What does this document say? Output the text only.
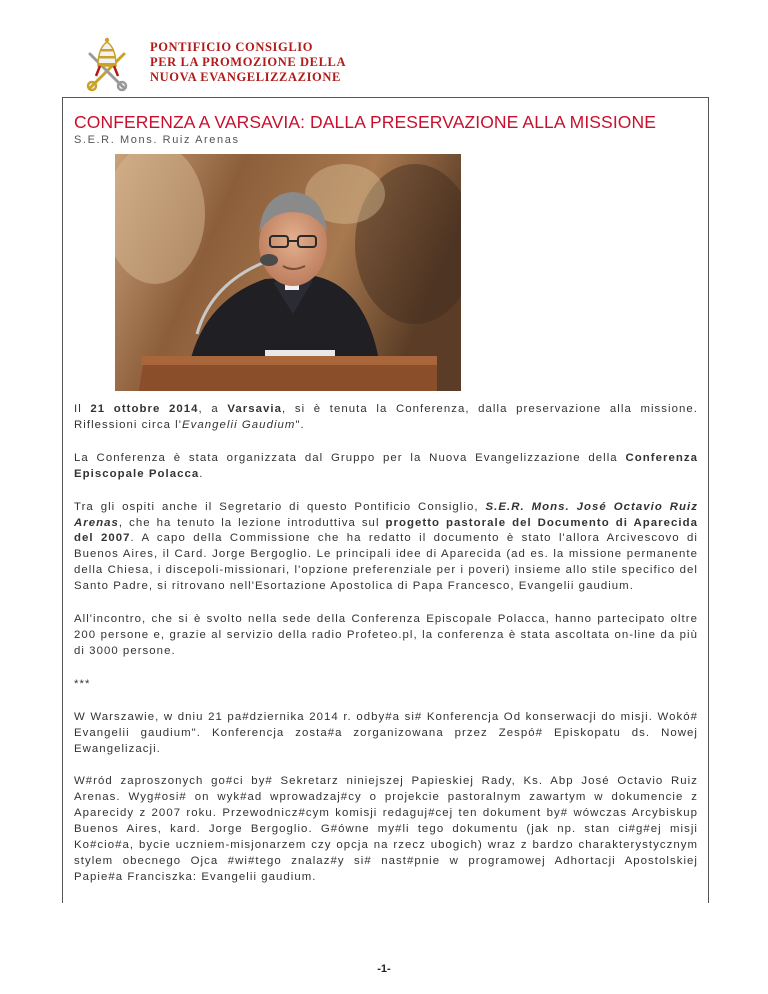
PONTIFICIO CONSIGLIO
PER LA PROMOZIONE DELLA
NUOVA EVANGELIZZAZIONE
CONFERENZA A VARSAVIA: DALLA PRESERVAZIONE ALLA MISSIONE
S.E.R. Mons. Ruiz Arenas

Il 21 ottobre 2014, a Varsavia, si è tenuta la Conferenza, dalla preservazione alla missione. Riflessioni circa l'Evangelii Gaudium".

La Conferenza è stata organizzata dal Gruppo per la Nuova Evangelizzazione della Conferenza Episcopale Polacca.

Tra gli ospiti anche il Segretario di questo Pontificio Consiglio, S.E.R. Mons. José Octavio Ruiz Arenas, che ha tenuto la lezione introduttiva sul progetto pastorale del Documento di Aparecida del 2007. A capo della Commissione che ha redatto il documento è stato l'allora Arcivescovo di Buenos Aires, il Card. Jorge Bergoglio. Le principali idee di Aparecida (ad es. la missione permanente della Chiesa, i discepoli-missionari, l'opzione preferenziale per i poveri) insieme allo stile specifico del Santo Padre, si ritrovano nell'Esortazione Apostolica di Papa Francesco, Evangelii gaudium.

All'incontro, che si è svolto nella sede della Conferenza Episcopale Polacca, hanno partecipato oltre 200 persone e, grazie al servizio della radio Profeteo.pl, la conferenza è stata ascoltata on-line da più di 3000 persone.

***

W Warszawie, w dniu 21 pa#dziernika 2014 r. odby#a si# Konferencja Od konserwacji do misji. Wokó# Evangelii gaudium". Konferencja zosta#a zorganizowana przez Zespó# Episkopatu ds. Nowej Ewangelizacji.

W#ród zaproszonych go#ci by# Sekretarz niniejszej Papieskiej Rady, Ks. Abp José Octavio Ruiz Arenas. Wyg#osi# on wyk#ad wprowadzaj#cy o projekcie pastoralnym zawartym w dokumencie z Aparecidy z 2007 roku. Przewodnicz#cym komisji redaguj#cej ten dokument by# wówczas Arcybiskup Buenos Aires, kard. Jorge Bergoglio. G#ówne my#li tego dokumentu (jak np. stan ci#g#ej misji Ko#cio#a, bycie uczniem-misjonarzem czy opcja na rzecz ubogich) wraz z bardzo charakterystycznym stylem obecnego Ojca #wi#tego znalaz#y si# nast#pnie w programowej Adhortacji Apostolskiej Papie#a Franciszka: Evangelii gaudium.

-1-
